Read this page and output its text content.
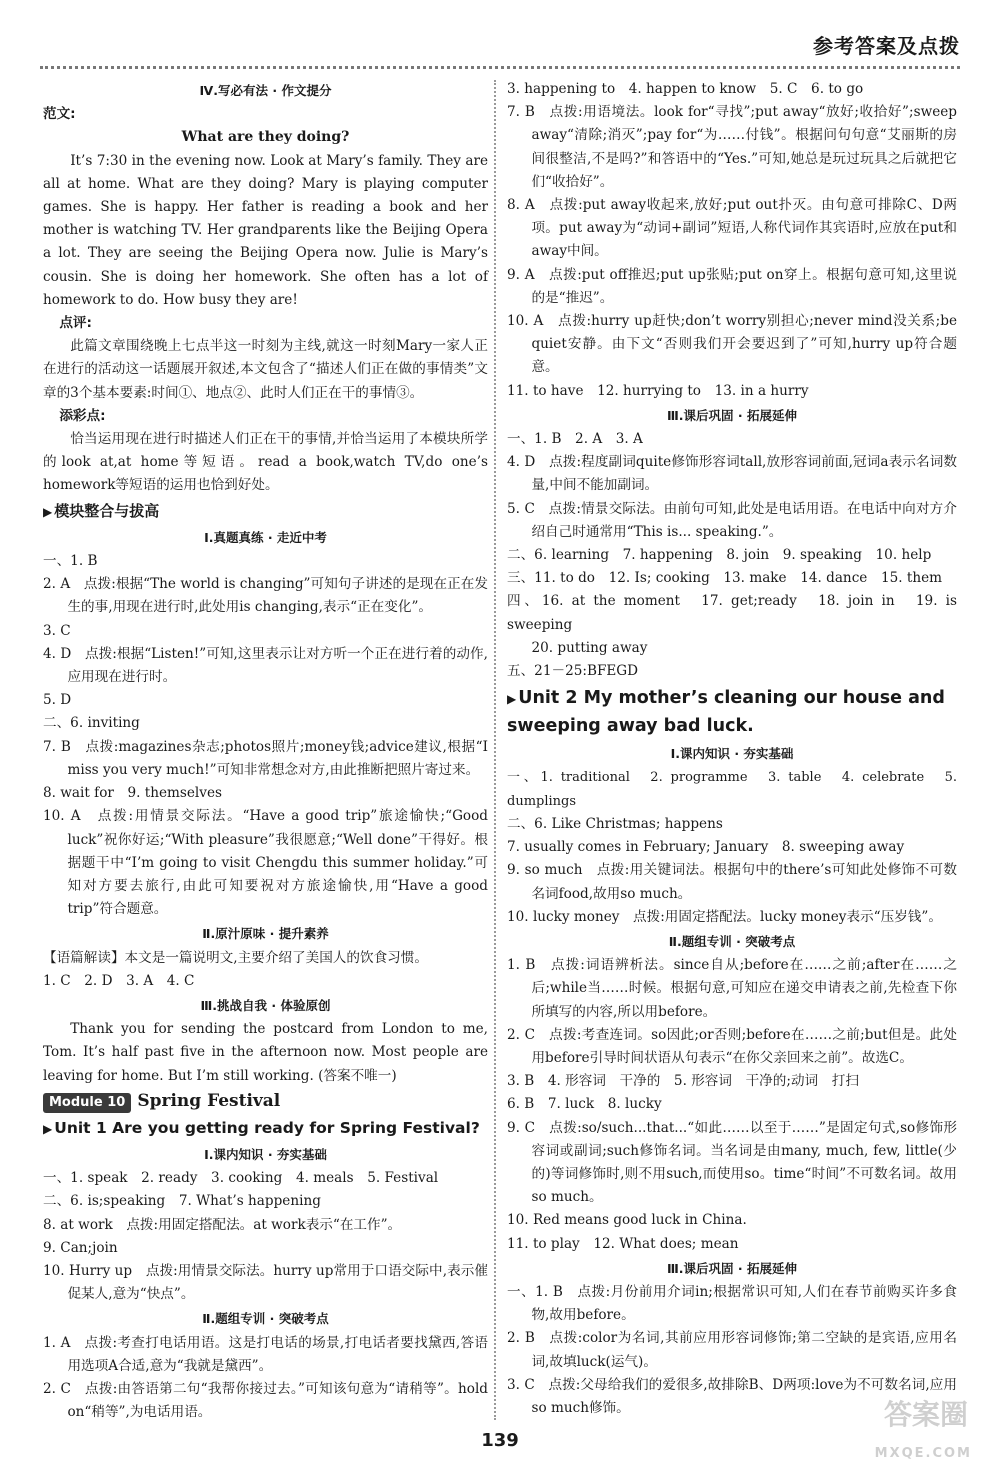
参考答案及点拨
Ⅳ.写必有法 · 作文提分

范文:

What are they doing?

It’s 7:30 in the evening now. Look at Mary’s family. They are all at home. What are they doing? Mary is playing computer games. She is happy. Her father is reading a book and her mother is watching TV. Her grandparents like the Beijing Opera a lot. They are seeing the Beijing Opera now. Julie is Mary’s cousin. She is doing her homework. She often has a lot of homework to do. How busy they are!

点评:

此篇文章围绕晚上七点半这一时刻为主线,就这一时刻Mary一家人正在进行的活动这一话题展开叙述,本文包含了“描述人们正在做的事情类”文章的3个基本要素:时间①、地点②、此时人们正在干的事情③。

添彩点:

恰当运用现在进行时描述人们正在干的事情,并恰当运用了本模块所学的look at,at home等短语。read a book,watch TV,do one’s homework等短语的运用也恰到好处。

▶ 模块整合与拔高
Ⅰ.真题真练 · 走近中考

一、1. B

2. A　点拨:根据“The world is changing”可知句子讲述的是现在正在发生的事,用现在进行时,此处用is changing,表示“正在变化”。

3. C

4. D　点拨:根据“Listen!”可知,这里表示让对方听一个正在进行着的动作,应用现在进行时。

5. D

二、6. inviting

7. B　点拨:magazines杂志;photos照片;money钱;advice建议,根据“I miss you very much!”可知非常想念对方,由此推断把照片寄过来。

8. wait for　9. themselves

10. A　点拨:用情景交际法。“Have a good trip”旅途愉快;“Good luck”祝你好运;“With pleasure”我很愿意;“Well done”干得好。根据题干中“I’m going to visit Chengdu this summer holiday.”可知对方要去旅行,由此可知要祝对方旅途愉快,用“Have a good trip”符合题意。

Ⅱ.原汁原味 · 提升素养

【语篇解读】本文是一篇说明文,主要介绍了美国人的饮食习惯。

1. C　2. D　3. A　4. C

Ⅲ.挑战自我 · 体验原创

Thank you for sending the postcard from London to me, Tom. It’s half past five in the afternoon now. Most people are leaving for home. But I’m still working. (答案不唯一)

Module 10 Spring Festival
▶ Unit 1 Are you getting ready for Spring Festival?
Ⅰ.课内知识 · 夯实基础

一、1. speak　2. ready　3. cooking　4. meals　5. Festival

二、6. is;speaking　7. What’s happening

8. at work　点拨:用固定搭配法。at work表示“在工作”。

9. Can;join

10. Hurry up　点拨:用情景交际法。hurry up常用于口语交际中,表示催促某人,意为“快点”。

Ⅱ.题组专训 · 突破考点

1. A　点拨:考查打电话用语。这是打电话的场景,打电话者要找黛西,答语用选项A合适,意为“我就是黛西”。

2. C　点拨:由答语第二句“我帮你接过去。”可知该句意为“请稍等”。hold on“稍等”,为电话用语。

3. happening to　4. happen to know　5. C　6. to go

7. B　点拨:用语境法。look for“寻找”;put away“放好;收拾好”;sweep away“清除;消灭”;pay for“为……付钱”。根据问句句意“艾丽斯的房间很整洁,不是吗?”和答语中的“Yes.”可知,她总是玩过玩具之后就把它们“收拾好”。

8. A　点拨:put away收起来,放好;put out扑灭。由句意可排除C、D两项。put away为“动词+副词”短语,人称代词作其宾语时,应放在put和away中间。

9. A　点拨:put off推迟;put up张贴;put on穿上。根据句意可知,这里说的是“推迟”。

10. A　点拨:hurry up赶快;don’t worry别担心;never mind没关系;be quiet安静。由下文“否则我们开会要迟到了”可知,hurry up符合题意。

11. to have　12. hurrying to　13. in a hurry

Ⅲ.课后巩固 · 拓展延伸

一、1. B　2. A　3. A

4. D　点拨:程度副词quite修饰形容词tall,放形容词前面,冠词a表示名词数量,中间不能加副词。

5. C　点拨:情景交际法。由前句可知,此处是电话用语。在电话中向对方介绍自己时通常用“This is... speaking.”。

二、6. learning　7. happening　8. join　9. speaking　10. help

三、11. to do　12. Is; cooking　13. make　14. dance　15. them

四、16. at the moment　17. get;ready　18. join in　19. is sweeping

20. putting away

五、21－25:BFEGD

▶ Unit 2 My mother’s cleaning our house and sweeping away bad luck.
Ⅰ.课内知识 · 夯实基础

一、1. traditional　2. programme　3. table　4. celebrate　5. dumplings

二、6. Like Christmas; happens

7. usually comes in February; January　8. sweeping away

9. so much　点拨:用关键词法。根据句中的there’s可知此处修饰不可数名词food,故用so much。

10. lucky money　点拨:用固定搭配法。lucky money表示“压岁钱”。

Ⅱ.题组专训 · 突破考点

1. B　点拨:词语辨析法。since自从;before在……之前;after在……之后;while当……时候。根据句意,可知应在递交申请表之前,先检查下你所填写的内容,所以用before。

2. C　点拨:考查连词。so因此;or否则;before在……之前;but但是。此处用before引导时间状语从句表示“在你父亲回来之前”。故选C。

3. B　4. 形容词　干净的　5. 形容词　干净的;动词　打扫

6. B　7. luck　8. lucky

9. C　点拨:so/such...that...“如此……以至于……”是固定句式,so修饰形容词或副词;such修饰名词。当名词是由many, much, few, little(少的)等词修饰时,则不用such,而使用so。time“时间”不可数名词。故用so much。

10. Red means good luck in China.

11. to play　12. What does; mean

Ⅲ.课后巩固 · 拓展延伸

一、1. B　点拨:月份前用介词in;根据常识可知,人们在春节前购买许多食物,故用before。

2. B　点拨:color为名词,其前应用形容词修饰;第二空缺的是宾语,应用名词,故填luck(运气)。

3. C　点拨:父母给我们的爱很多,故排除B、D两项:love为不可数名词,应用so much修饰。

139
答案圈
MXQE.COM
